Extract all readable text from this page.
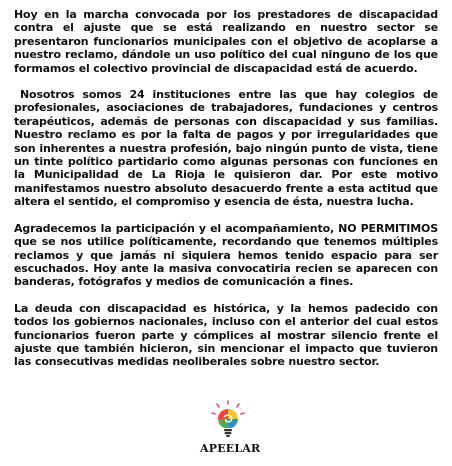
Hoy en la marcha convocada por los prestadores de discapacidad contra el ajuste que se está realizando en nuestro sector se presentaron funcionarios municipales con el objetivo de acoplarse a nuestro reclamo, dándole un uso político del cual ninguno de los que formamos el colectivo provincial de discapacidad está de acuerdo.

Nosotros somos 24 instituciones entre las que hay colegios de profesionales, asociaciones de trabajadores, fundaciones y centros terapéuticos, además de personas con discapacidad y sus familias. Nuestro reclamo es por la falta de pagos y por irregularidades que son inherentes a nuestra profesión, bajo ningún punto de vista, tiene un tinte político partidario como algunas personas con funciones en la Municipalidad de La Rioja le quisieron dar. Por este motivo manifestamos nuestro absoluto desacuerdo frente a esta actitud que altera el sentido, el compromiso y esencia de ésta, nuestra lucha.

Agradecemos la participación y el acompañamiento, NO PERMITIMOS que se nos utilice políticamente, recordando que tenemos múltiples reclamos y que jamás ni siquiera hemos tenido espacio para ser escuchados. Hoy ante la masiva convocatiria recien se aparecen con banderas, fotógrafos y medios de comunicación a fines.

La deuda con discapacidad es histórica, y la hemos padecido con todos los gobiernos nacionales, incluso con el anterior del cual estos funcionarios fueron parte y cómplices al mostrar silencio frente el ajuste que también hicieron, sin mencionar el impacto que tuvieron las consecutivas medidas neoliberales sobre nuestro sector.

APEELAR
